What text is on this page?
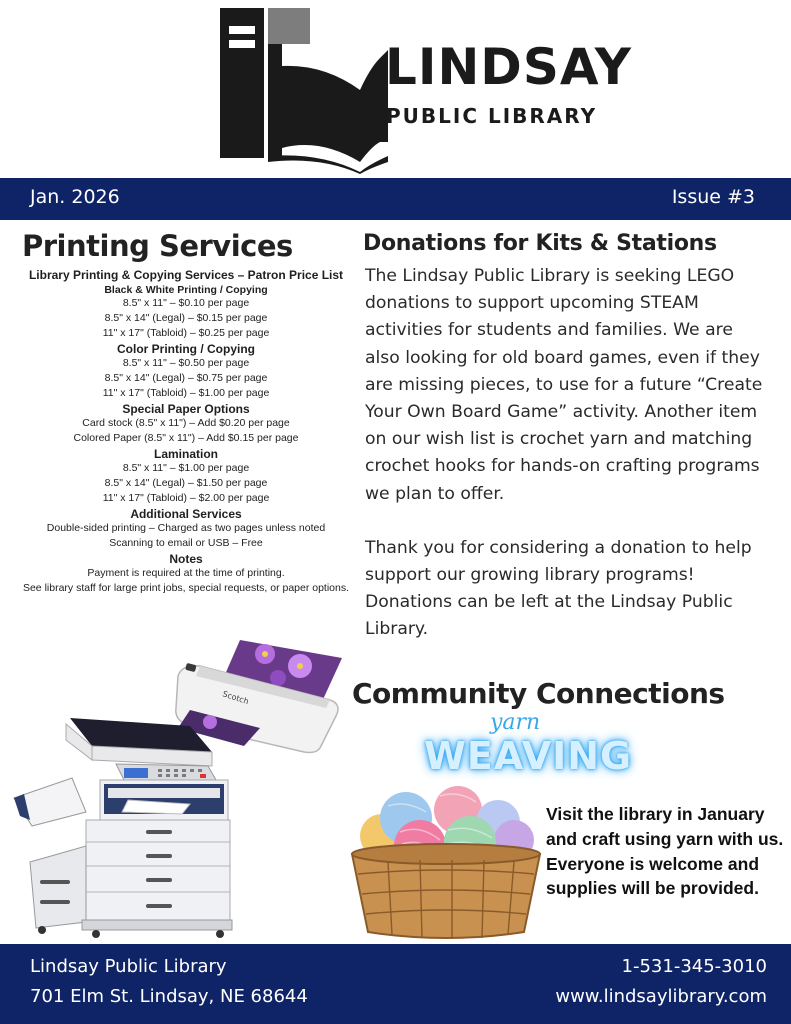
LINDSAY
PUBLIC LIBRARY
Jan. 2026	Issue #3
Printing Services
Library Printing & Copying Services – Patron Price List
Black & White Printing / Copying
8.5" x 11" – $0.10 per page
8.5" x 14" (Legal) – $0.15 per page
11" x 17" (Tabloid) – $0.25 per page
Color Printing / Copying
8.5" x 11" – $0.50 per page
8.5" x 14" (Legal) – $0.75 per page
11" x 17" (Tabloid) – $1.00 per page
Special Paper Options
Card stock (8.5" x 11") – Add $0.20 per page
Colored Paper (8.5" x 11") – Add $0.15 per page
Lamination
8.5" x 11" – $1.00 per page
8.5" x 14" (Legal) – $1.50 per page
11" x 17" (Tabloid) – $2.00 per page
Additional Services
Double-sided printing – Charged as two pages unless noted
Scanning to email or USB – Free
Notes
Payment is required at the time of printing.
See library staff for large print jobs, special requests, or paper options.
Scotch
Donations for Kits & Stations

The Lindsay Public Library is seeking LEGO donations to support upcoming STEAM activities for students and families. We are also looking for old board games, even if they are missing pieces, to use for a future “Create Your Own Board Game” activity. Another item on our wish list is crochet yarn and matching crochet hooks for hands-on crafting programs we plan to offer.

Thank you for considering a donation to help support our growing library programs! Donations can be left at the Lindsay Public Library.

Community Connections
yarn
WEAVING
Visit the library in January and craft using yarn with us. Everyone is welcome and supplies will be provided.
Lindsay Public Library
701 Elm St. Lindsay, NE 68644
1-531-345-3010
www.lindsaylibrary.com
